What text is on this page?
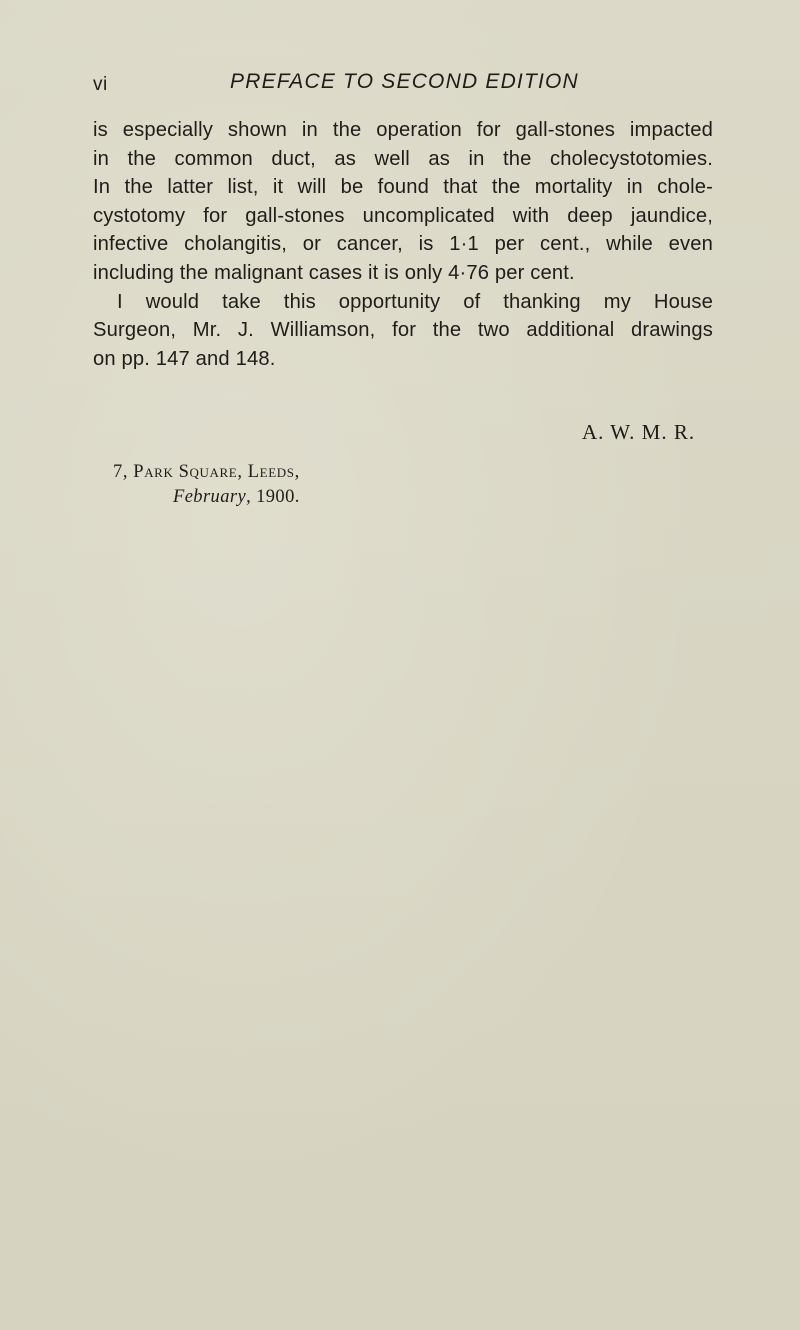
vi	PREFACE TO SECOND EDITION
is especially shown in the operation for gall-stones impacted
in the common duct, as well as in the cholecystotomies.
In the latter list, it will be found that the mortality in chole-
cystotomy for gall-stones uncomplicated with deep jaundice,
infective cholangitis, or cancer, is 1·1 per cent., while even
including the malignant cases it is only 4·76 per cent.
I would take this opportunity of thanking my House
Surgeon, Mr. J. Williamson, for the two additional drawings
on pp. 147 and 148.
A. W. M. R.
7, Park Square, Leeds,
February, 1900.
